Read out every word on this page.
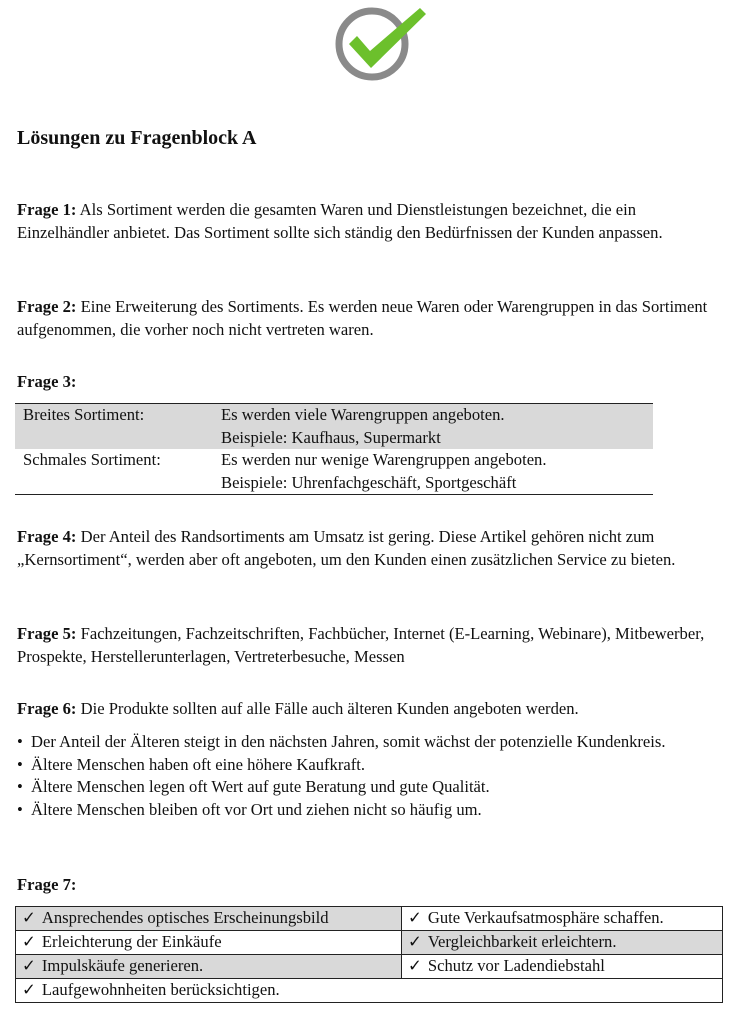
Lösungen zu Fragenblock A
Frage 1: Als Sortiment werden die gesamten Waren und Dienstleistungen bezeichnet, die ein Einzelhändler anbietet. Das Sortiment sollte sich ständig den Bedürfnissen der Kunden anpassen.
Frage 2: Eine Erweiterung des Sortiments. Es werden neue Waren oder Warengruppen in das Sortiment aufgenommen, die vorher noch nicht vertreten waren.
Frage 3:
Breites Sortiment:	Es werden viele Warengruppen angeboten.
Beispiele: Kaufhaus, Supermarkt
Schmales Sortiment:	Es werden nur wenige Warengruppen angeboten.
Beispiele: Uhrenfachgeschäft, Sportgeschäft
Frage 4: Der Anteil des Randsortiments am Umsatz ist gering. Diese Artikel gehören nicht zum „Kernsortiment“, werden aber oft angeboten, um den Kunden einen zusätzlichen Service zu bieten.
Frage 5: Fachzeitungen, Fachzeitschriften, Fachbücher, Internet (E-Learning, Webinare), Mitbewerber, Prospekte, Herstellerunterlagen, Vertreterbesuche, Messen
Frage 6: Die Produkte sollten auf alle Fälle auch älteren Kunden angeboten werden.
• Der Anteil der Älteren steigt in den nächsten Jahren, somit wächst der potenzielle Kundenkreis.
• Ältere Menschen haben oft eine höhere Kaufkraft.
• Ältere Menschen legen oft Wert auf gute Beratung und gute Qualität.
• Ältere Menschen bleiben oft vor Ort und ziehen nicht so häufig um.
Frage 7:
✓ Ansprechendes optisches Erscheinungsbild	✓ Gute Verkaufsatmosphäre schaffen.
✓ Erleichterung der Einkäufe	✓ Vergleichbarkeit erleichtern.
✓ Impulskäufe generieren.	✓ Schutz vor Ladendiebstahl
✓ Laufgewohnheiten berücksichtigen.	
